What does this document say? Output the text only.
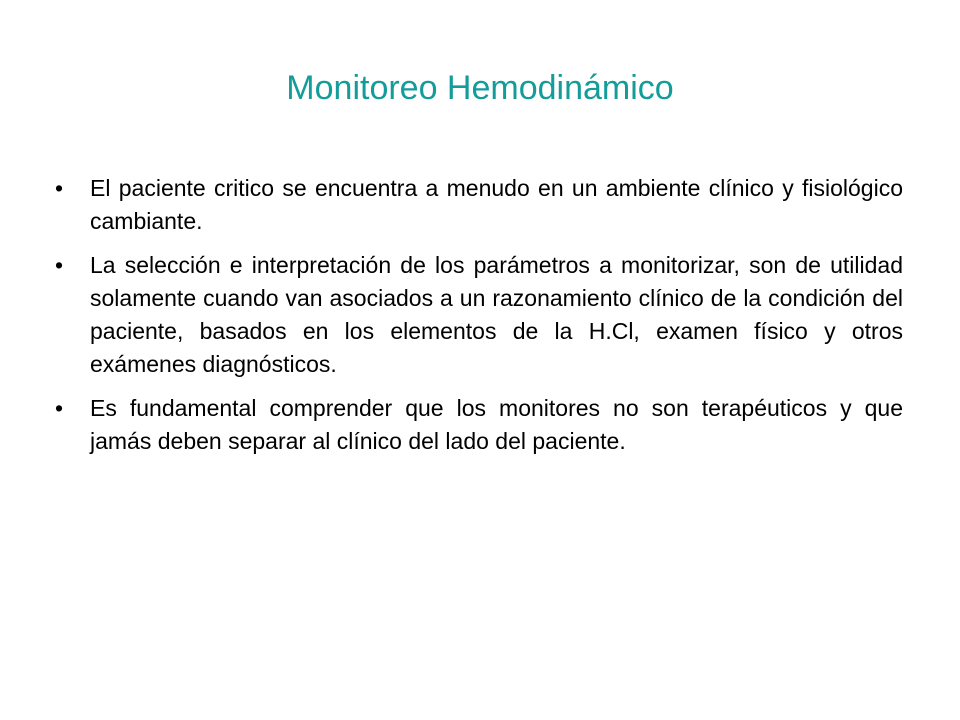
Monitoreo Hemodinámico
•	El paciente critico se encuentra a menudo en un ambiente clínico y fisiológico cambiante.
•	La selección e interpretación de los parámetros a monitorizar, son de utilidad solamente cuando van asociados a un razonamiento clínico de la condición del paciente, basados en los elementos de la H.Cl, examen físico y otros exámenes diagnósticos.
•	Es fundamental comprender que los monitores no son terapéuticos y que jamás deben separar al clínico del lado del paciente.
